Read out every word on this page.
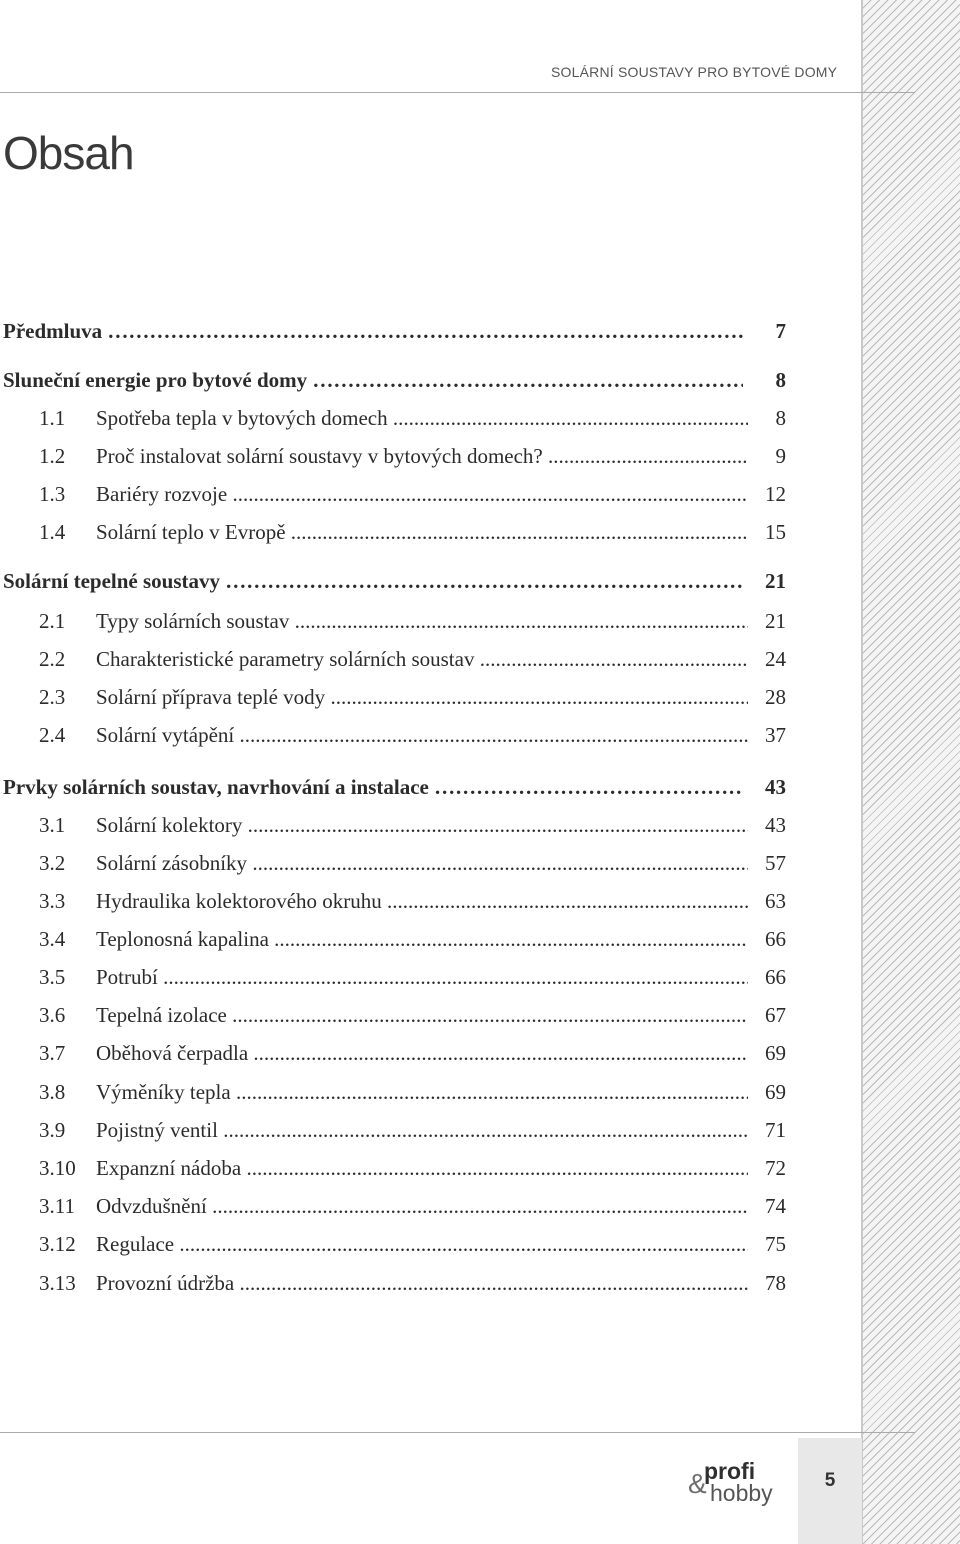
SOLÁRNÍ SOUSTAVY PRO BYTOVÉ DOMY
Obsah
Předmluva …………………………………………………………………………………………………………………………	7
Sluneční energie pro bytové domy …………………………………………………………………………………………………………………………	8
1.1 Spotřeba tepla v bytových domech .....	8
1.2 Proč instalovat solární soustavy v bytových domech? .....	9
1.3 Bariéry rozvoje .....	12
1.4 Solární teplo v Evropě .....	15
Solární tepelné soustavy …………………………………………………………………………………………………………………………	21
2.1 Typy solárních soustav .....	21
2.2 Charakteristické parametry solárních soustav .....	24
2.3 Solární příprava teplé vody .....	28
2.4 Solární vytápění .....	37
Prvky solárních soustav, navrhování a instalace …………………………………………………………………………………………………………………………	43
3.1 Solární kolektory .....	43
3.2 Solární zásobníky .....	57
3.3 Hydraulika kolektorového okruhu .....	63
3.4 Teplonosná kapalina .....	66
3.5 Potrubí .....	66
3.6 Tepelná izolace .....	67
3.7 Oběhová čerpadla .....	69
3.8 Výměníky tepla .....	69
3.9 Pojistný ventil .....	71
3.10 Expanzní nádoba .....	72
3.11 Odvzdušnění .....	74
3.12 Regulace .....	75
3.13 Provozní údržba .....	78
&
profi
hobby	5
